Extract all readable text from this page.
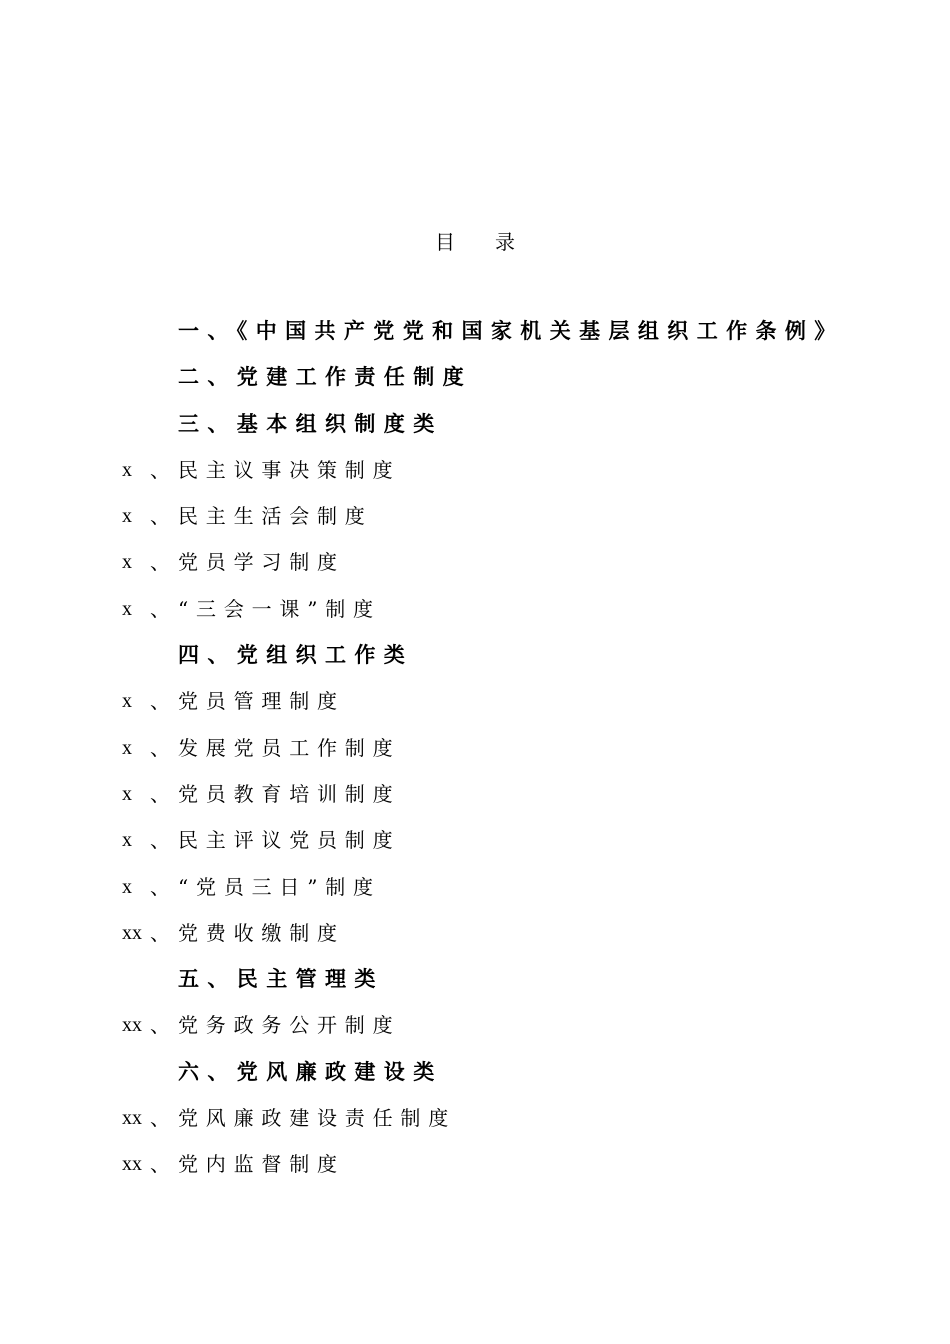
目 录
一、《中国共产党党和国家机关基层组织工作条例》
二、党建工作责任制度
三、基本组织制度类
x 、 民主议事决策制度
x 、 民主生活会制度
x 、 党员学习制度
x 、 “三会一课”制度
四、党组织工作类
x 、 党员管理制度
x 、 发展党员工作制度
x 、 党员教育培训制度
x 、 民主评议党员制度
x 、 “党员三日”制度
xx 、 党费收缴制度
五、民主管理类
xx 、 党务政务公开制度
六、党风廉政建设类
xx 、 党风廉政建设责任制度
xx 、 党内监督制度
